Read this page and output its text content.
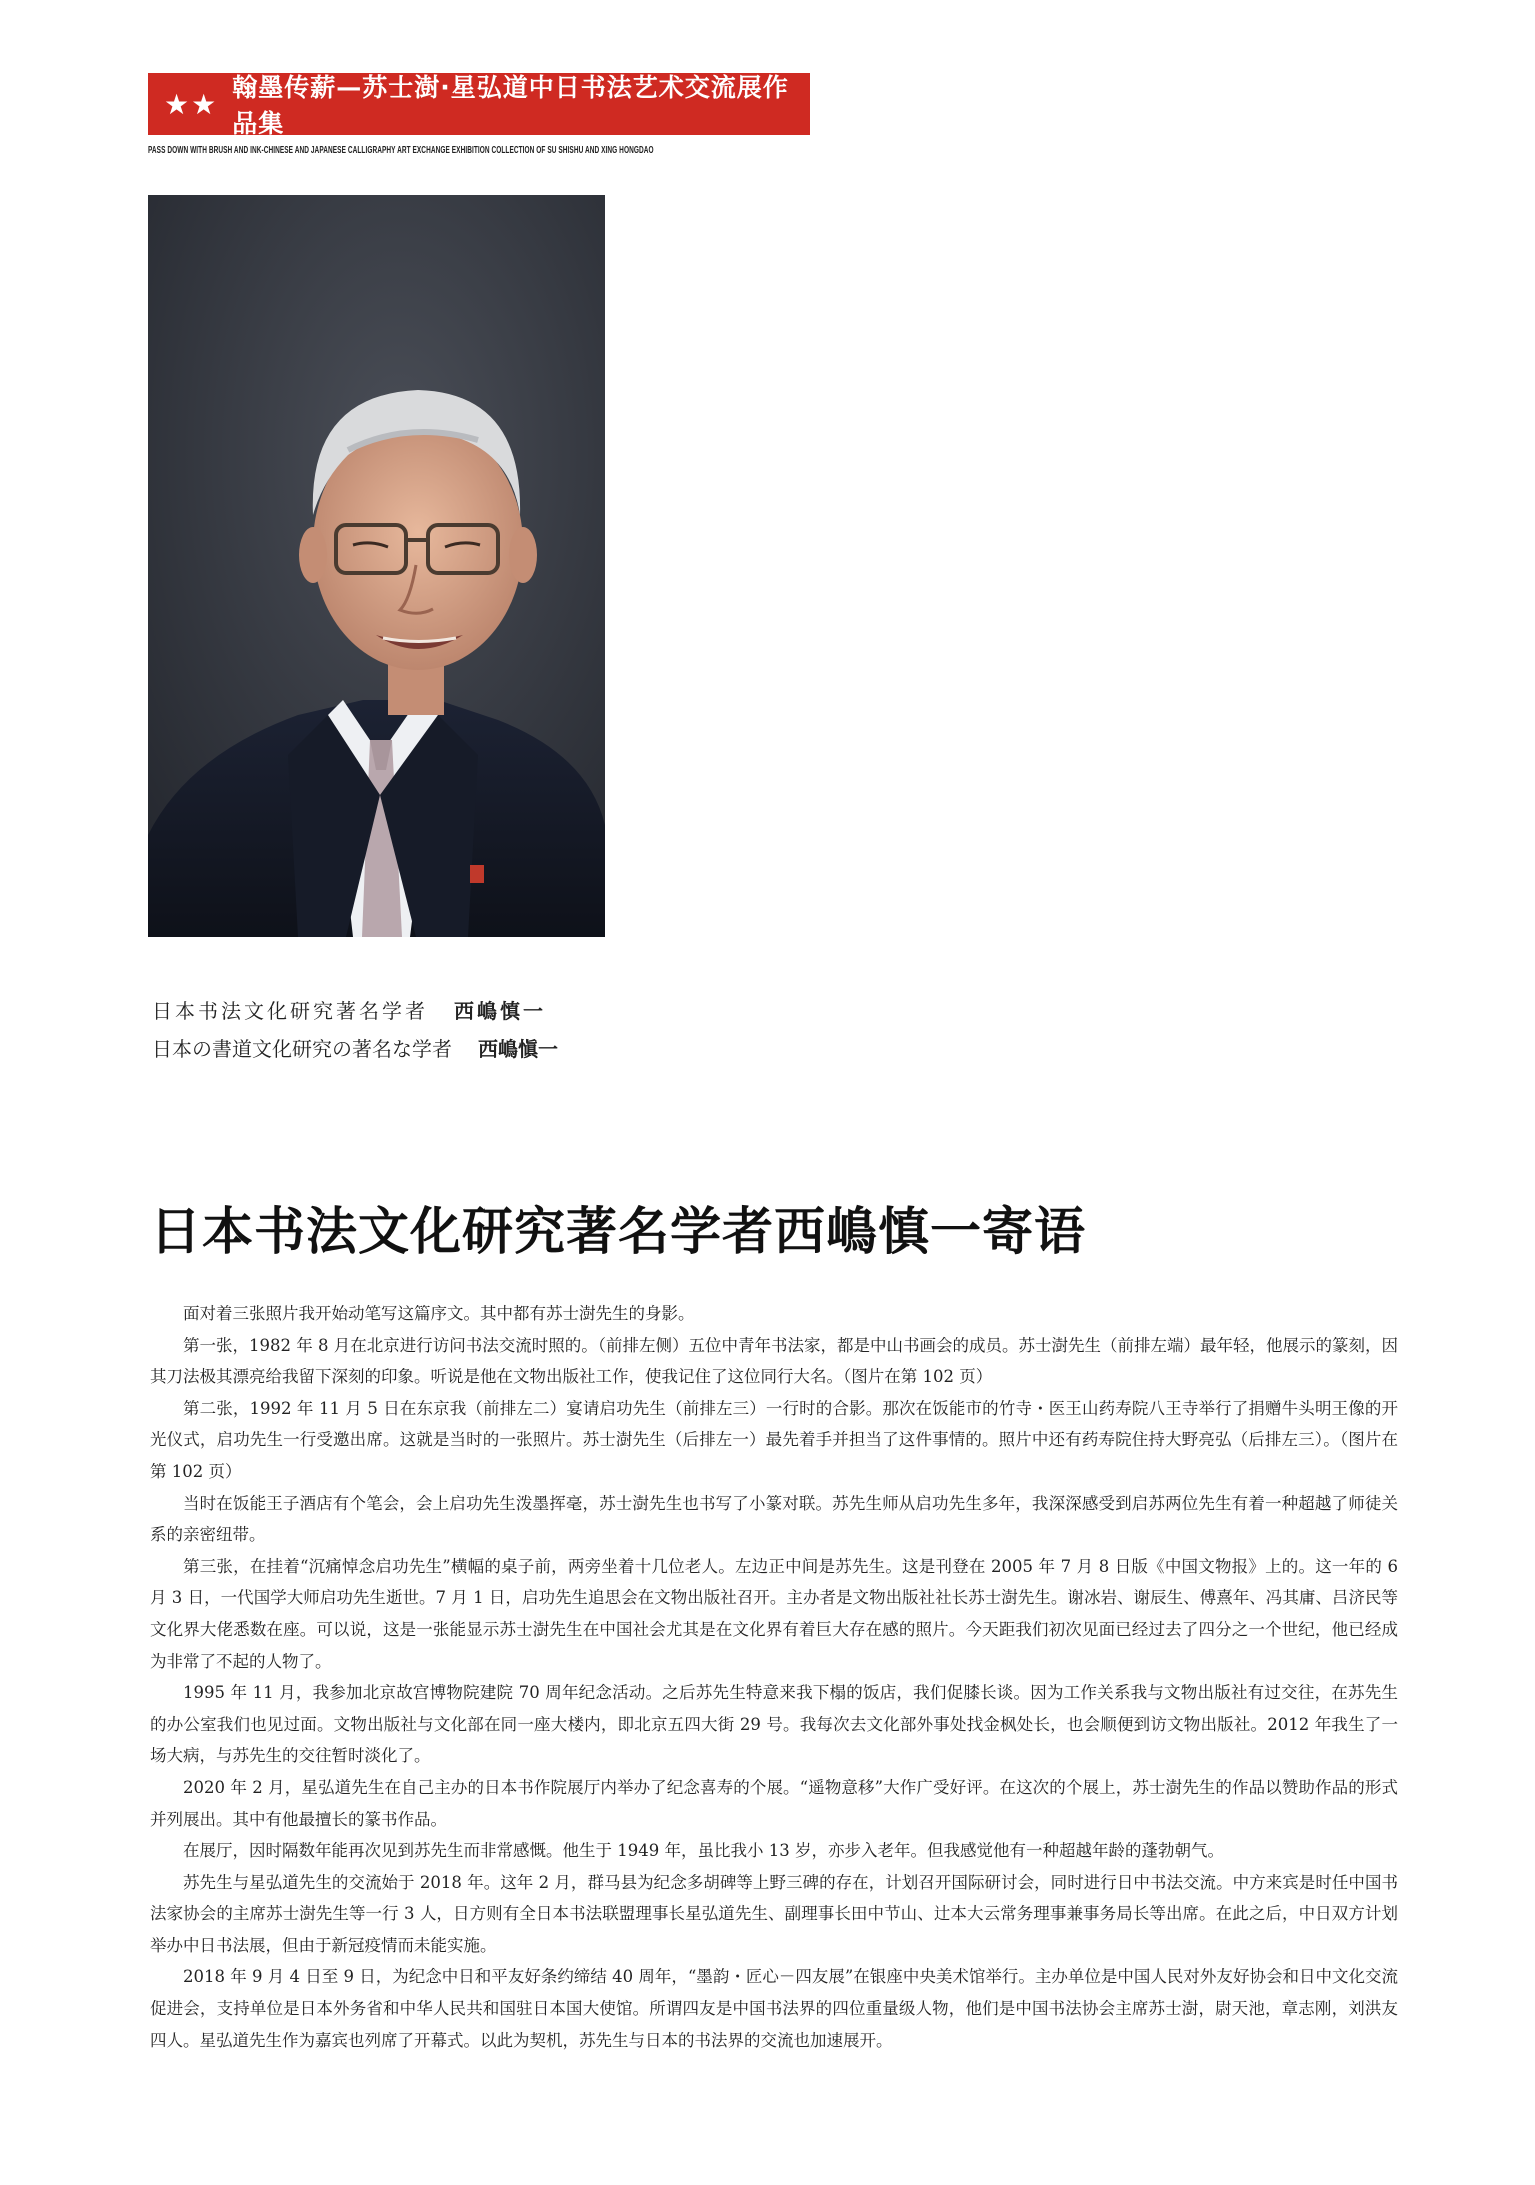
★★ 翰墨传薪—苏士澍·星弘道中日书法艺术交流展作品集
PASS DOWN WITH BRUSH AND INK-CHINESE AND JAPANESE CALLIGRAPHY ART EXCHANGE EXHIBITION COLLECTION OF SU SHISHU AND XING HONGDAO
日本书法文化研究著名学者 西嶋慎一
日本の書道文化研究の著名な学者 西嶋愼一
日本书法文化研究著名学者西嶋慎一寄语

面对着三张照片我开始动笔写这篇序文。其中都有苏士澍先生的身影。

第一张，1982 年 8 月在北京进行访问书法交流时照的。（前排左侧）五位中青年书法家，都是中山书画会的成员。苏士澍先生（前排左端）最年轻，他展示的篆刻，因其刀法极其漂亮给我留下深刻的印象。听说是他在文物出版社工作，使我记住了这位同行大名。（图片在第 102 页）

第二张，1992 年 11 月 5 日在东京我（前排左二）宴请启功先生（前排左三）一行时的合影。那次在饭能市的竹寺・医王山药寿院八王寺举行了捐赠牛头明王像的开光仪式，启功先生一行受邀出席。这就是当时的一张照片。苏士澍先生（后排左一）最先着手并担当了这件事情的。照片中还有药寿院住持大野亮弘（后排左三）。（图片在第 102 页）

当时在饭能王子酒店有个笔会，会上启功先生泼墨挥毫，苏士澍先生也书写了小篆对联。苏先生师从启功先生多年，我深深感受到启苏两位先生有着一种超越了师徒关系的亲密纽带。

第三张，在挂着“沉痛悼念启功先生”横幅的桌子前，两旁坐着十几位老人。左边正中间是苏先生。这是刊登在 2005 年 7 月 8 日版《中国文物报》上的。这一年的 6 月 3 日，一代国学大师启功先生逝世。7 月 1 日，启功先生追思会在文物出版社召开。主办者是文物出版社社长苏士澍先生。谢冰岩、谢辰生、傅熹年、冯其庸、吕济民等文化界大佬悉数在座。可以说，这是一张能显示苏士澍先生在中国社会尤其是在文化界有着巨大存在感的照片。今天距我们初次见面已经过去了四分之一个世纪，他已经成为非常了不起的人物了。

1995 年 11 月，我参加北京故宫博物院建院 70 周年纪念活动。之后苏先生特意来我下榻的饭店，我们促膝长谈。因为工作关系我与文物出版社有过交往，在苏先生的办公室我们也见过面。文物出版社与文化部在同一座大楼内，即北京五四大街 29 号。我每次去文化部外事处找金枫处长，也会顺便到访文物出版社。2012 年我生了一场大病，与苏先生的交往暂时淡化了。

2020 年 2 月，星弘道先生在自己主办的日本书作院展厅内举办了纪念喜寿的个展。“遥物意移”大作广受好评。在这次的个展上，苏士澍先生的作品以赞助作品的形式并列展出。其中有他最擅长的篆书作品。

在展厅，因时隔数年能再次见到苏先生而非常感慨。他生于 1949 年，虽比我小 13 岁，亦步入老年。但我感觉他有一种超越年龄的蓬勃朝气。

苏先生与星弘道先生的交流始于 2018 年。这年 2 月，群马县为纪念多胡碑等上野三碑的存在，计划召开国际研讨会，同时进行日中书法交流。中方来宾是时任中国书法家协会的主席苏士澍先生等一行 3 人，日方则有全日本书法联盟理事长星弘道先生、副理事长田中节山、辻本大云常务理事兼事务局长等出席。在此之后，中日双方计划举办中日书法展，但由于新冠疫情而未能实施。

2018 年 9 月 4 日至 9 日，为纪念中日和平友好条约缔结 40 周年，“墨韵・匠心－四友展”在银座中央美术馆举行。主办单位是中国人民对外友好协会和日中文化交流促进会，支持单位是日本外务省和中华人民共和国驻日本国大使馆。所谓四友是中国书法界的四位重量级人物，他们是中国书法协会主席苏士澍，尉天池，章志刚，刘洪友四人。星弘道先生作为嘉宾也列席了开幕式。以此为契机，苏先生与日本的书法界的交流也加速展开。
